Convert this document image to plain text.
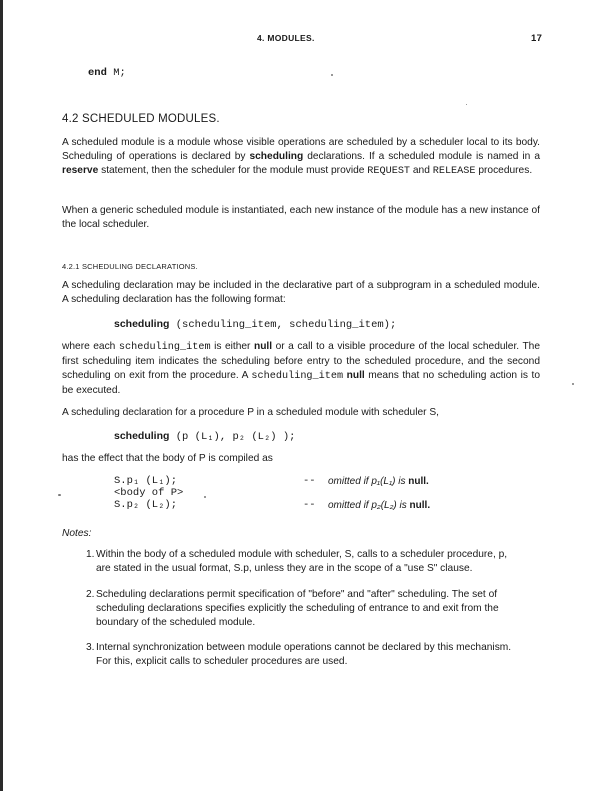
4. MODULES.	17
end M;
4.2 SCHEDULED MODULES.
A scheduled module is a module whose visible operations are scheduled by a scheduler local to its body. Scheduling of operations is declared by scheduling declarations. If a scheduled module is named in a reserve statement, then the scheduler for the module must provide REQUEST and RELEASE procedures.
When a generic scheduled module is instantiated, each new instance of the module has a new instance of the local scheduler.
4.2.1 SCHEDULING DECLARATIONS.
A scheduling declaration may be included in the declarative part of a subprogram in a scheduled module. A scheduling declaration has the following format:
scheduling (scheduling_item, scheduling_item);
where each scheduling_item is either null or a call to a visible procedure of the local scheduler. The first scheduling item indicates the scheduling before entry to the scheduled procedure, and the second scheduling on exit from the procedure. A scheduling_item null means that no scheduling action is to be executed.
A scheduling declaration for a procedure P in a scheduled module with scheduler S,
scheduling (p (L₁), p₂ (L₂) );
has the effect that the body of P is compiled as
S.p₁ (L₁);
<body of P>
S.p₂ (L₂);
-- omitted if p₁(L₁) is null.
-- omitted if p₂(L₂) is null.
Notes:
1. Within the body of a scheduled module with scheduler, S, calls to a scheduler procedure, p, are stated in the usual format, S.p, unless they are in the scope of a "use S" clause.
2. Scheduling declarations permit specification of "before" and "after" scheduling. The set of scheduling declarations specifies explicitly the scheduling of entrance to and exit from the boundary of the scheduled module.
3. Internal synchronization between module operations cannot be declared by this mechanism. For this, explicit calls to scheduler procedures are used.
